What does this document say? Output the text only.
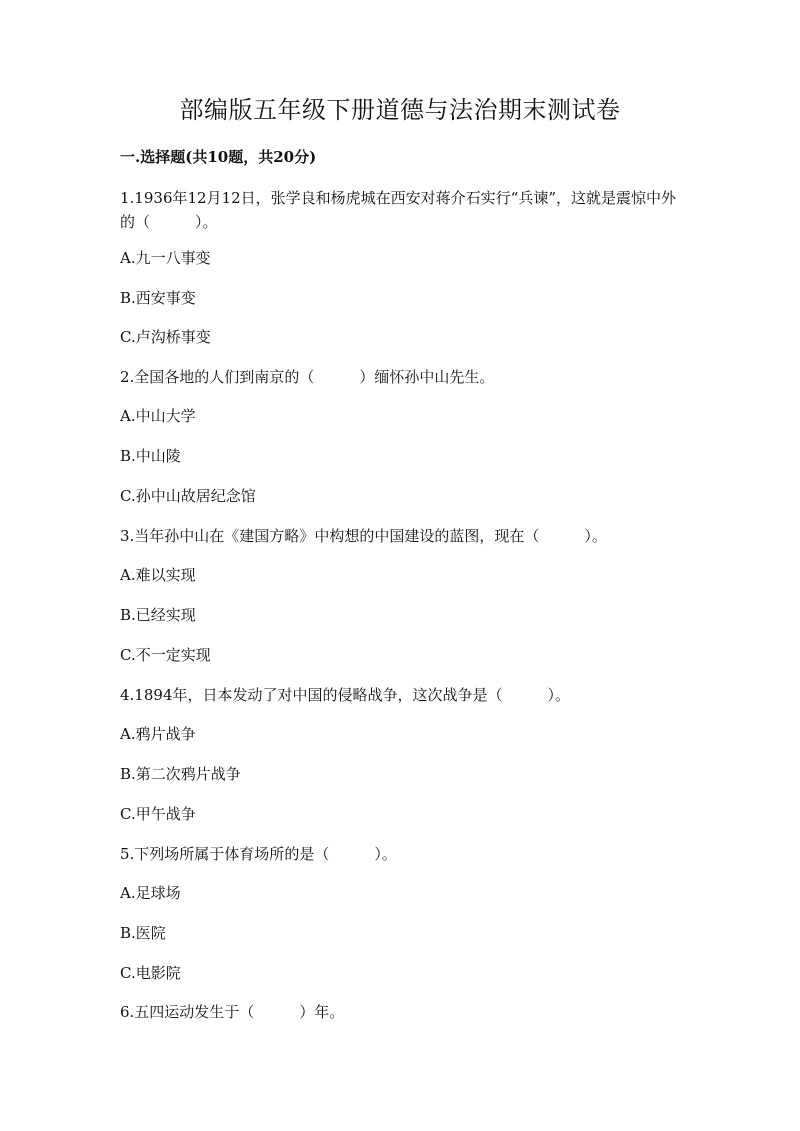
部编版五年级下册道德与法治期末测试卷
一.选择题(共10题，共20分)
1.1936年12月12日，张学良和杨虎城在西安对蒋介石实行“兵谏”，这就是震惊中外的（　　　）。
A.九一八事变
B.西安事变
C.卢沟桥事变
2.全国各地的人们到南京的（　　　）缅怀孙中山先生。
A.中山大学
B.中山陵
C.孙中山故居纪念馆
3.当年孙中山在《建国方略》中构想的中国建设的蓝图，现在（　　　）。
A.难以实现
B.已经实现
C.不一定实现
4.1894年，日本发动了对中国的侵略战争，这次战争是（　　　）。
A.鸦片战争
B.第二次鸦片战争
C.甲午战争
5.下列场所属于体育场所的是（　　　）。
A.足球场
B.医院
C.电影院
6.五四运动发生于（　　　）年。
